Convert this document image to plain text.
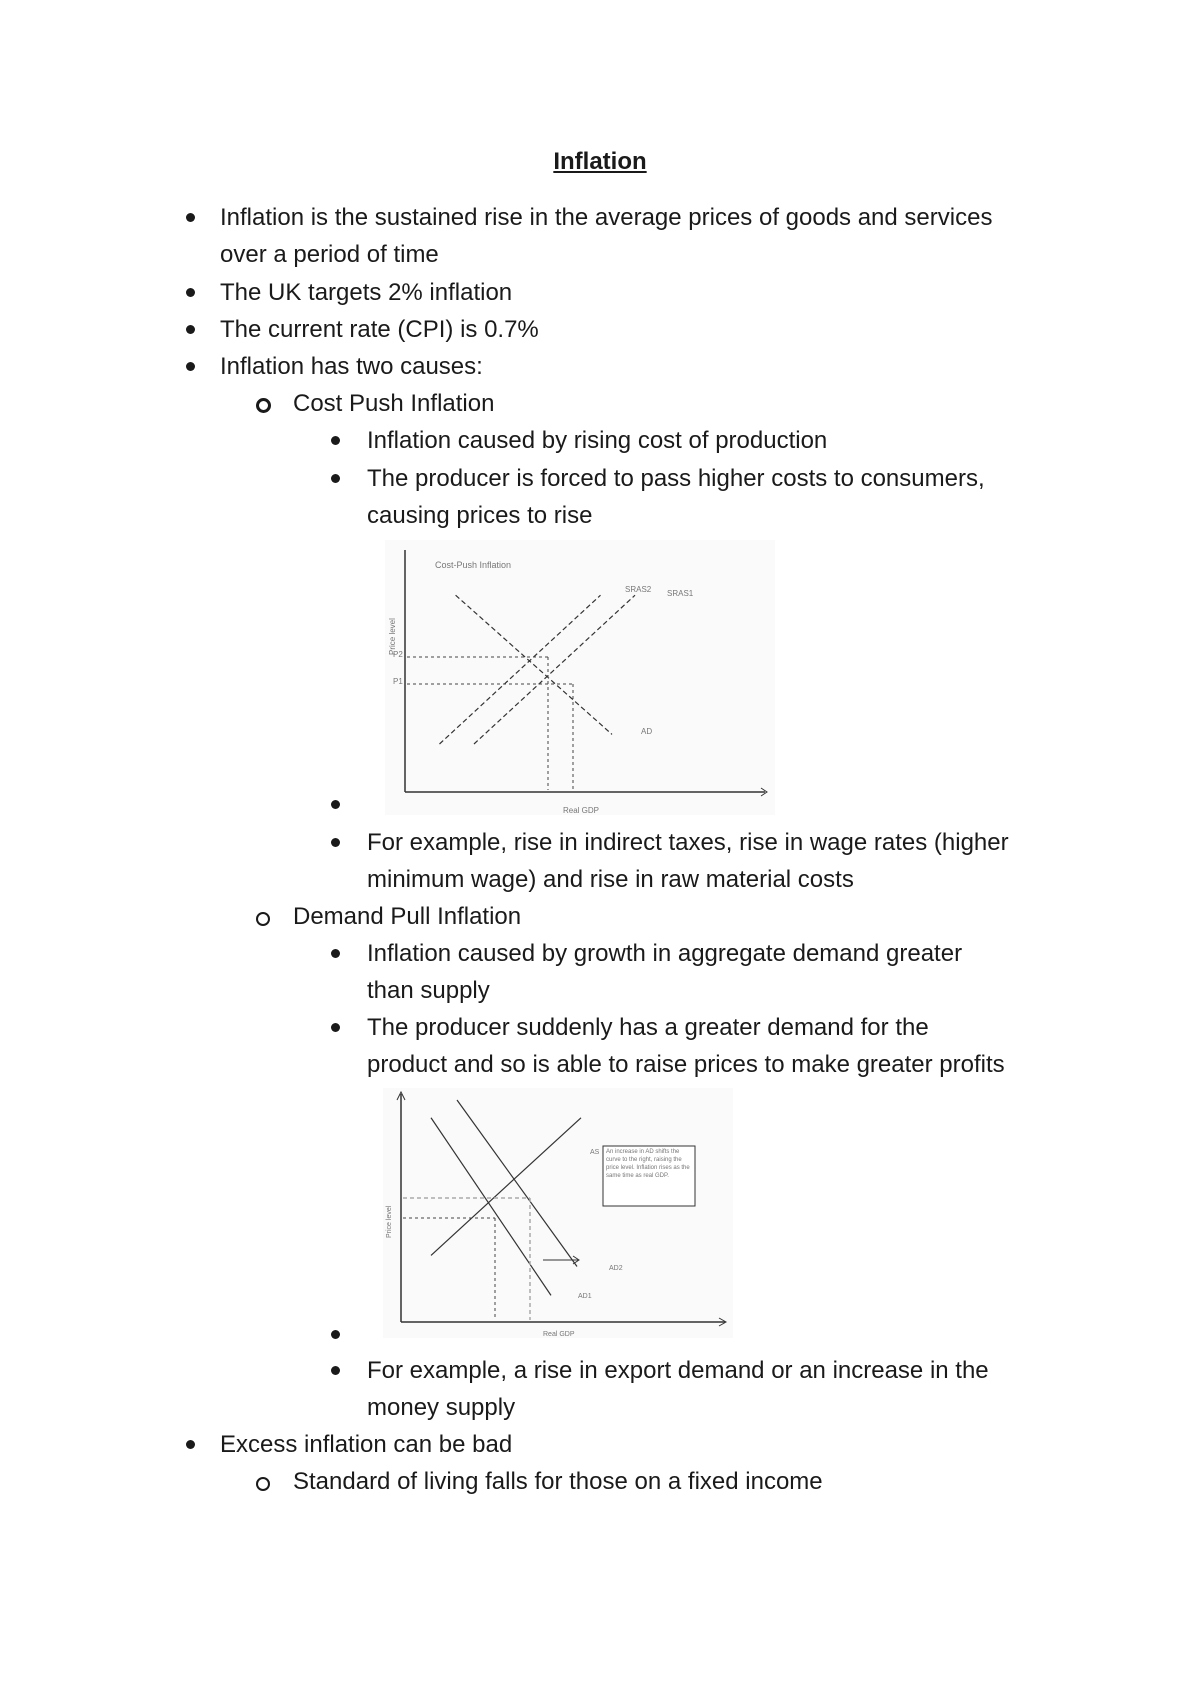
Inflation
Inflation is the sustained rise in the average prices of goods and services
over a period of time
The UK targets 2% inflation
The current rate (CPI) is 0.7%
Inflation has two causes:
Cost Push Inflation
Inflation caused by rising cost of production
The producer is forced to pass higher costs to consumers,
causing prices to rise
Cost-Push Inflation
Real GDP
Price level
P2
P1
SRAS2 SRAS1
AD
For example, rise in indirect taxes, rise in wage rates (higher
minimum wage) and rise in raw material costs
Demand Pull Inflation
Inflation caused by growth in aggregate demand greater
than supply
The producer suddenly has a greater demand for the
product and so is able to raise prices to make greater profits
Real GDP
Price level
An increase in AD shifts the curve to the right, raising the price level. Inflation rises as the same time as real GDP.
AS
AD2
AD1
For example, a rise in export demand or an increase in the
money supply
Excess inflation can be bad
Standard of living falls for those on a fixed income
